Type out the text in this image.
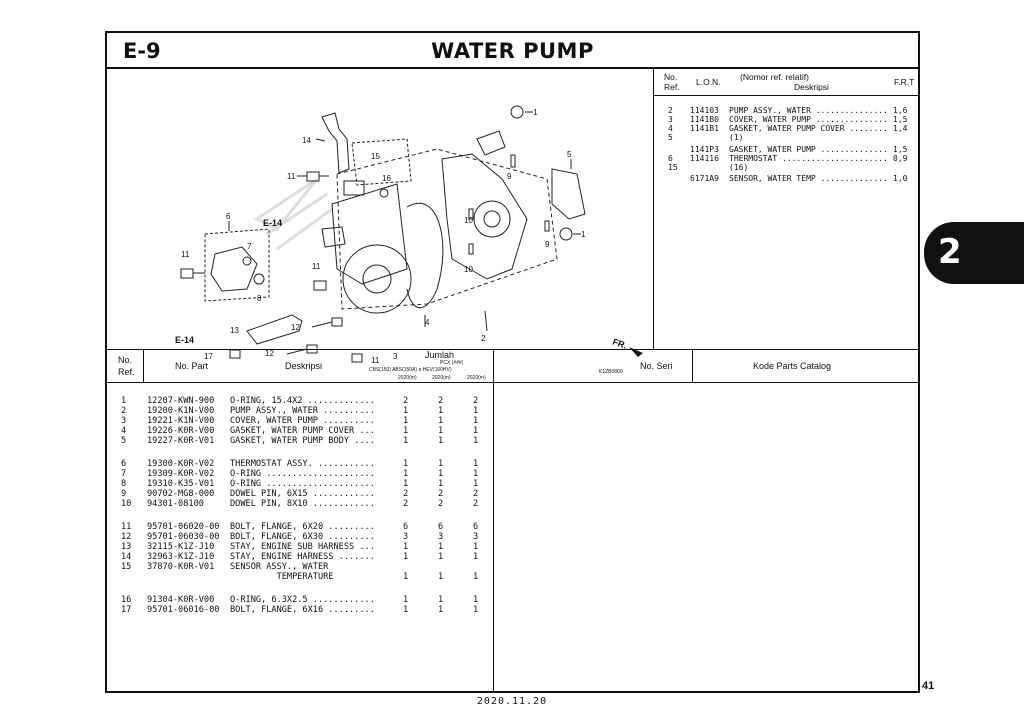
E-9	WATER PUMP
14
11
15
16
1
5
9
10
10
9
1
6
7
11
E-14
E-14
8
11
4
2
13	12
12
17	11 3
FR.
K1ZB0800
No.
Ref. L.O.N. (Nomor ref. relatif)
Deskripsi	F.R.T
2 114103 PUMP ASSY., WATER ............... 1,6
3 1141B0 COVER, WATER PUMP ............... 1,5
4 1141B1 GASKET, WATER PUMP COVER ........ 1,4
5	(1)
1141P3 GASKET, WATER PUMP .............. 1,5
6 114116 THERMOSTAT ...................... 0,9
15	(16)
6171A9 SENSOR, WATER TEMP .............. 1,0
No.
Ref.
No. Part	Deskripsi
Jumlah
PCX (###)
CBS(150) ABS(150A) e:HEV(160HV)
2020(m)	2020(m)	2020(m)
No. Seri	Kode Parts Catalog
1 12207-KWN-900 O-RING, 15.4X2 .............	2	2	2
2 19200-K1N-V00 PUMP ASSY., WATER ..........	1	1	1
3 19221-K1N-V00 COVER, WATER PUMP ..........	1	1	1
4 19226-K0R-V00 GASKET, WATER PUMP COVER ...	1	1	1
5 19227-K0R-V01 GASKET, WATER PUMP BODY ....	1	1	1
6 19300-K0R-V02 THERMOSTAT ASSY. ...........	1	1	1
7 19309-K0R-V02 O-RING .....................	1	1	1
8 19310-K35-V01 O-RING .....................	1	1	1
9 90702-MG8-000 DOWEL PIN, 6X15 ............	2	2	2
10 94301-08100	DOWEL PIN, 8X10 ............	2	2	2
11 95701-06020-00 BOLT, FLANGE, 6X20 .........	6	6	6
12 95701-06030-00 BOLT, FLANGE, 6X30 .........	3	3	3
13 32115-K1Z-J10 STAY, ENGINE SUB HARNESS ...	1	1	1
14 32963-K1Z-J10 STAY, ENGINE HARNESS .......	1	1	1
15 37870-K0R-V01 SENSOR ASSY., WATER
TEMPERATURE	1	1	1
16 91304-K0R-V00 O-RING, 6.3X2.5 ............	1	1	1
17 95701-06016-00 BOLT, FLANGE, 6X16 .........	1	1	1
2
41
2020.11.20
